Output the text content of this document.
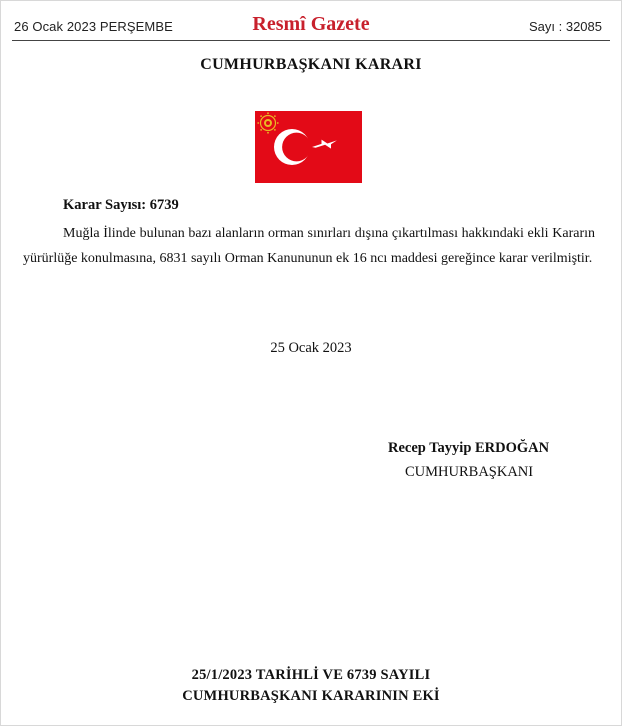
26 Ocak 2023 PERŞEMBE	Resmî Gazete	Sayı : 32085
CUMHURBAŞKANI KARARI
Karar Sayısı: 6739
Muğla İlinde bulunan bazı alanların orman sınırları dışına çıkartılması hakkındaki ekli Kararın yürürlüğe konulmasına, 6831 sayılı Orman Kanununun ek 16 ncı maddesi gereğince karar verilmiştir.
25 Ocak 2023
Recep Tayyip ERDOĞAN
CUMHURBAŞKANI
25/1/2023 TARİHLİ VE 6739 SAYILI
CUMHURBAŞKANI KARARININ EKİ
